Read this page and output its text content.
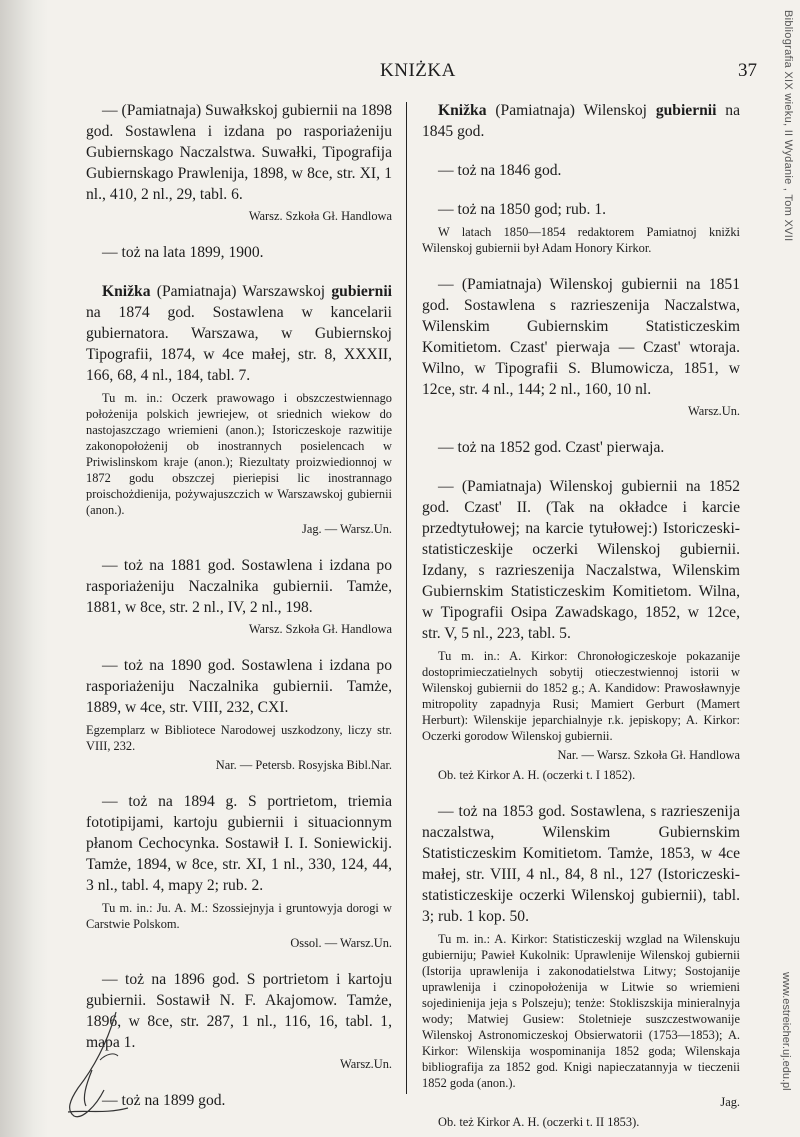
KNIŻKA	37

— (Pamiatnaja) Suwałkskoj gubiernii na 1898 god. Sostawlena i izdana po rasporiażeniju Gubiernskago Naczalstwa. Suwałki, Tipografija Gubiernskago Prawlenija, 1898, w 8ce, str. XI, 1 nl., 410, 2 nl., 29, tabl. 6.

Warsz. Szkoła Gł. Handlowa

— toż na lata 1899, 1900.

Knižka (Pamiatnaja) Warszawskoj gubiernii na 1874 god. Sostawlena w kancelarii gubiernatora. Warszawa, w Gubiernskoj Tipografii, 1874, w 4ce małej, str. 8, XXXII, 166, 68, 4 nl., 184, tabl. 7.

Tu m. in.: Oczerk prawowago i obszczestwiennago położenija polskich jewriejew, ot sriednich wiekow do nastojaszczago wriemieni (anon.); Istoriczeskoje razwitije zakonopołożenij ob inostrannych posielencach w Priwislinskom kraje (anon.); Riezultaty proizwiedionnoj w 1872 godu obszczej pieriepisi lic inostrannago proischożdienija, pożywajuszczich w Warszawskoj gubiernii (anon.).

Jag. — Warsz.Un.

— toż na 1881 god. Sostawlena i izdana po rasporiażeniju Naczalnika gubiernii. Tamże, 1881, w 8ce, str. 2 nl., IV, 2 nl., 198.

Warsz. Szkoła Gł. Handlowa

— toż na 1890 god. Sostawlena i izdana po rasporiażeniju Naczalnika gubiernii. Tamże, 1889, w 4ce, str. VIII, 232, CXI.

Egzemplarz w Bibliotece Narodowej uszkodzony, liczy str. VIII, 232.

Nar. — Petersb. Rosyjska Bibl.Nar.

— toż na 1894 g. S portrietom, triemia fototipijami, kartoju gubiernii i situacionnym płanom Cechocynka. Sostawił I. I. Soniewickij. Tamże, 1894, w 8ce, str. XI, 1 nl., 330, 124, 44, 3 nl., tabl. 4, mapy 2; rub. 2.

Tu m. in.: Ju. A. M.: Szossiejnyja i gruntowyja dorogi w Carstwie Polskom.

Ossol. — Warsz.Un.

— toż na 1896 god. S portrietom i kartoju gubiernii. Sostawił N. F. Akajomow. Tamże, 1896, w 8ce, str. 287, 1 nl., 116, 16, tabl. 1, mapa 1.

Warsz.Un.

— toż na 1899 god.

Knižka (Pamiatnaja) Wilenskoj gubiernii na 1845 god.

— toż na 1846 god.

— toż na 1850 god; rub. 1.

W latach 1850—1854 redaktorem Pamiatnoj knižki Wilenskoj gubiernii był Adam Honory Kirkor.

— (Pamiatnaja) Wilenskoj gubiernii na 1851 god. Sostawlena s razrieszenija Naczalstwa, Wilenskim Gubiernskim Statisticzeskim Komitietom. Czast' pierwaja — Czast' wtoraja. Wilno, w Tipografii S. Blumowicza, 1851, w 12ce, str. 4 nl., 144; 2 nl., 160, 10 nl.

Warsz.Un.

— toż na 1852 god. Czast' pierwaja.

— (Pamiatnaja) Wilenskoj gubiernii na 1852 god. Czast' II. (Tak na okładce i karcie przedtytułowej; na karcie tytułowej:) Istoriczeski-statisticzeskije oczerki Wilenskoj gubiernii. Izdany, s razrieszenija Naczalstwa, Wilenskim Gubiernskim Statisticzeskim Komitietom. Wilna, w Tipografii Osipa Zawadskago, 1852, w 12ce, str. V, 5 nl., 223, tabl. 5.

Tu m. in.: A. Kirkor: Chronołogiczeskoje pokazanije dostoprimieczatielnych sobytij otieczestwiennoj istorii w Wilenskoj gubiernii do 1852 g.; A. Kandidow: Prawosławnyje mitropolity zapadnyja Rusi; Mamiert Gerburt (Mamert Herburt): Wilenskije jeparchialnyje r.k. jepiskopy; A. Kirkor: Oczerki gorodow Wilenskoj gubiernii.

Nar. — Warsz. Szkoła Gł. Handlowa

Ob. też Kirkor A. H. (oczerki t. I 1852).

— toż na 1853 god. Sostawlena, s razrieszenija naczalstwa, Wilenskim Gubiernskim Statisticzeskim Komitietom. Tamże, 1853, w 4ce małej, str. VIII, 4 nl., 84, 8 nl., 127 (Istoriczeski-statisticzeskije oczerki Wilenskoj gubiernii), tabl. 3; rub. 1 kop. 50.

Tu m. in.: A. Kirkor: Statisticzeskij wzglad na Wilenskuju gubierniju; Pawieł Kukolnik: Uprawlenije Wilenskoj gubiernii (Istorija uprawlenija i zakonodatielstwa Litwy; Sostojanije uprawlenija i czinopołożenija w Litwie so wriemieni sojedinienija jeja s Polszeju); tenże: Stokliszskija minieralnyja wody; Matwiej Gusiew: Stoletnieje suszczestwowanije Wilenskoj Astronomiczeskoj Obsierwatorii (1753—1853); A. Kirkor: Wilenskija wospominanija 1852 goda; Wilenskaja bibliografija za 1852 god. Knigi napieczatannyja w tieczenii 1852 goda (anon.).

Jag.

Ob. też Kirkor A. H. (oczerki t. II 1853).

Bibliografia XIX wieku, II Wydanie , Tom XVII
www.estreicher.uj.edu.pl
